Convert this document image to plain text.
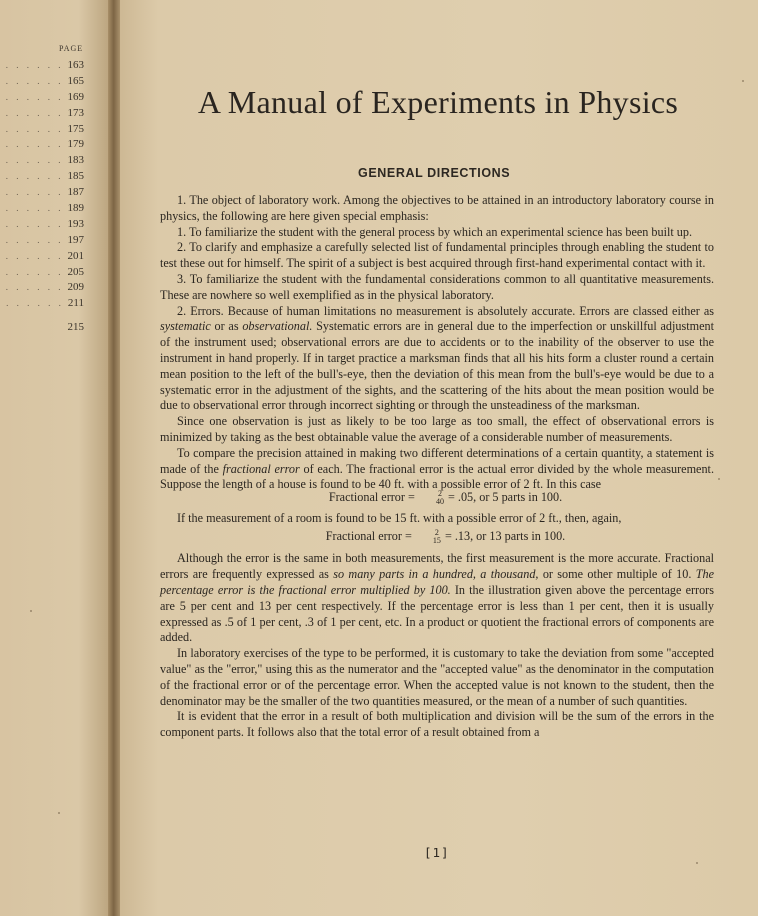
PAGE
. . . . . . 163
. . . . . . 165
. . . . . . 169
. . . . . . 173
. . . . . . 175
. . . . . . 179
. . . . . . 183
. . . . . . 185
. . . . . . 187
. . . . . . 189
. . . . . . 193
. . . . . . 197
. . . . . . 201
. . . . . . 205
. . . . . . 209
. . . . . . 211
215
A Manual of Experiments in Physics
GENERAL DIRECTIONS

1. The object of laboratory work. Among the objectives to be attained in an introductory laboratory course in physics, the following are here given special emphasis:

1. To familiarize the student with the general process by which an experimental science has been built up.

2. To clarify and emphasize a carefully selected list of fundamental principles through enabling the student to test these out for himself. The spirit of a subject is best acquired through first-hand experimental contact with it.

3. To familiarize the student with the fundamental considerations common to all quantitative measurements. These are nowhere so well exemplified as in the physical laboratory.

2. Errors. Because of human limitations no measurement is absolutely accurate. Errors are classed either as systematic or as observational. Systematic errors are in general due to the imperfection or unskillful adjustment of the instrument used; observational errors are due to accidents or to the inability of the observer to use the instrument in hand properly. If in target practice a marksman finds that all his hits form a cluster round a certain mean position to the left of the bull's-eye, then the deviation of this mean from the bull's-eye would be due to a systematic error in the adjustment of the sights, and the scattering of the hits about the mean position would be due to observational error through incorrect sighting or through the unsteadiness of the marksman.

Since one observation is just as likely to be too large as too small, the effect of observational errors is minimized by taking as the best obtainable value the average of a considerable number of measurements.

To compare the precision attained in making two different determinations of a certain quantity, a statement is made of the fractional error of each. The fractional error is the actual error divided by the whole measurement. Suppose the length of a house is found to be 40 ft. with a possible error of 2 ft. In this case

Fractional error =	2
40 = .05, or 5 parts in 100.

If the measurement of a room is found to be 15 ft. with a possible error of 2 ft., then, again,

Fractional error =	2
15 = .13, or 13 parts in 100.

Although the error is the same in both measurements, the first measurement is the more accurate. Fractional errors are frequently expressed as so many parts in a hundred, a thousand, or some other multiple of 10. The percentage error is the fractional error multiplied by 100. In the illustration given above the percentage errors are 5 per cent and 13 per cent respectively. If the percentage error is less than 1 per cent, then it is usually expressed as .5 of 1 per cent, .3 of 1 per cent, etc. In a product or quotient the fractional errors of components are added.

In laboratory exercises of the type to be performed, it is customary to take the deviation from some "accepted value" as the "error," using this as the numerator and the "accepted value" as the denominator in the computation of the fractional error or of the percentage error. When the accepted value is not known to the student, then the denominator may be the smaller of the two quantities measured, or the mean of a number of such quantities.

It is evident that the error in a result of both multiplication and division will be the sum of the errors in the component parts. It follows also that the total error of a result obtained from a

[1]
